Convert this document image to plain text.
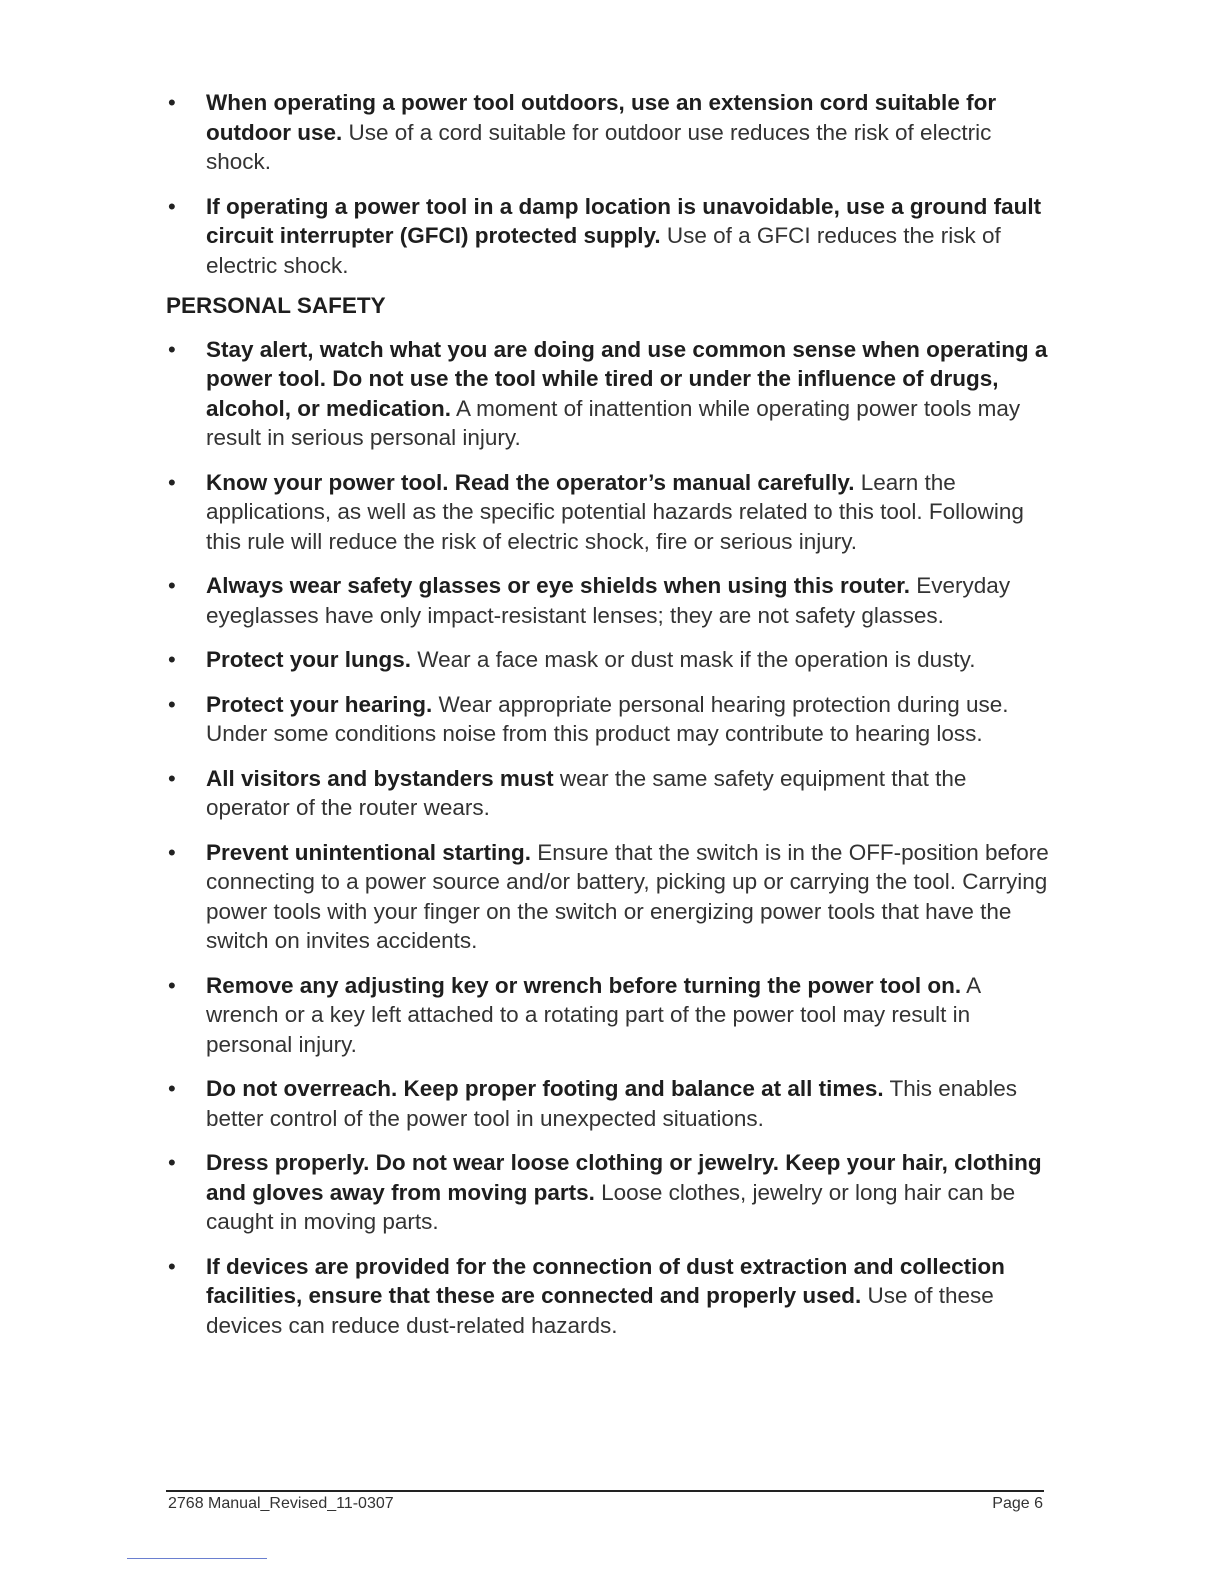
• When operating a power tool outdoors, use an extension cord suitable for outdoor use. Use of a cord suitable for outdoor use reduces the risk of electric shock.
• If operating a power tool in a damp location is unavoidable, use a ground fault circuit interrupter (GFCI) protected supply. Use of a GFCI reduces the risk of electric shock.
PERSONAL SAFETY
• Stay alert, watch what you are doing and use common sense when operating a power tool. Do not use the tool while tired or under the influence of drugs, alcohol, or medication. A moment of inattention while operating power tools may result in serious personal injury.
• Know your power tool. Read the operator’s manual carefully. Learn the applications, as well as the specific potential hazards related to this tool. Following this rule will reduce the risk of electric shock, fire or serious injury.
• Always wear safety glasses or eye shields when using this router. Everyday eyeglasses have only impact-resistant lenses; they are not safety glasses.
• Protect your lungs. Wear a face mask or dust mask if the operation is dusty.
• Protect your hearing. Wear appropriate personal hearing protection during use. Under some conditions noise from this product may contribute to hearing loss.
• All visitors and bystanders must wear the same safety equipment that the operator of the router wears.
• Prevent unintentional starting. Ensure that the switch is in the OFF-position before connecting to a power source and/or battery, picking up or carrying the tool. Carrying power tools with your finger on the switch or energizing power tools that have the switch on invites accidents.
• Remove any adjusting key or wrench before turning the power tool on. A wrench or a key left attached to a rotating part of the power tool may result in personal injury.
• Do not overreach. Keep proper footing and balance at all times. This enables better control of the power tool in unexpected situations.
• Dress properly. Do not wear loose clothing or jewelry. Keep your hair, clothing and gloves away from moving parts. Loose clothes, jewelry or long hair can be caught in moving parts.
• If devices are provided for the connection of dust extraction and collection facilities, ensure that these are connected and properly used. Use of these devices can reduce dust-related hazards.
2768 Manual_Revised_11-0307	Page 6
